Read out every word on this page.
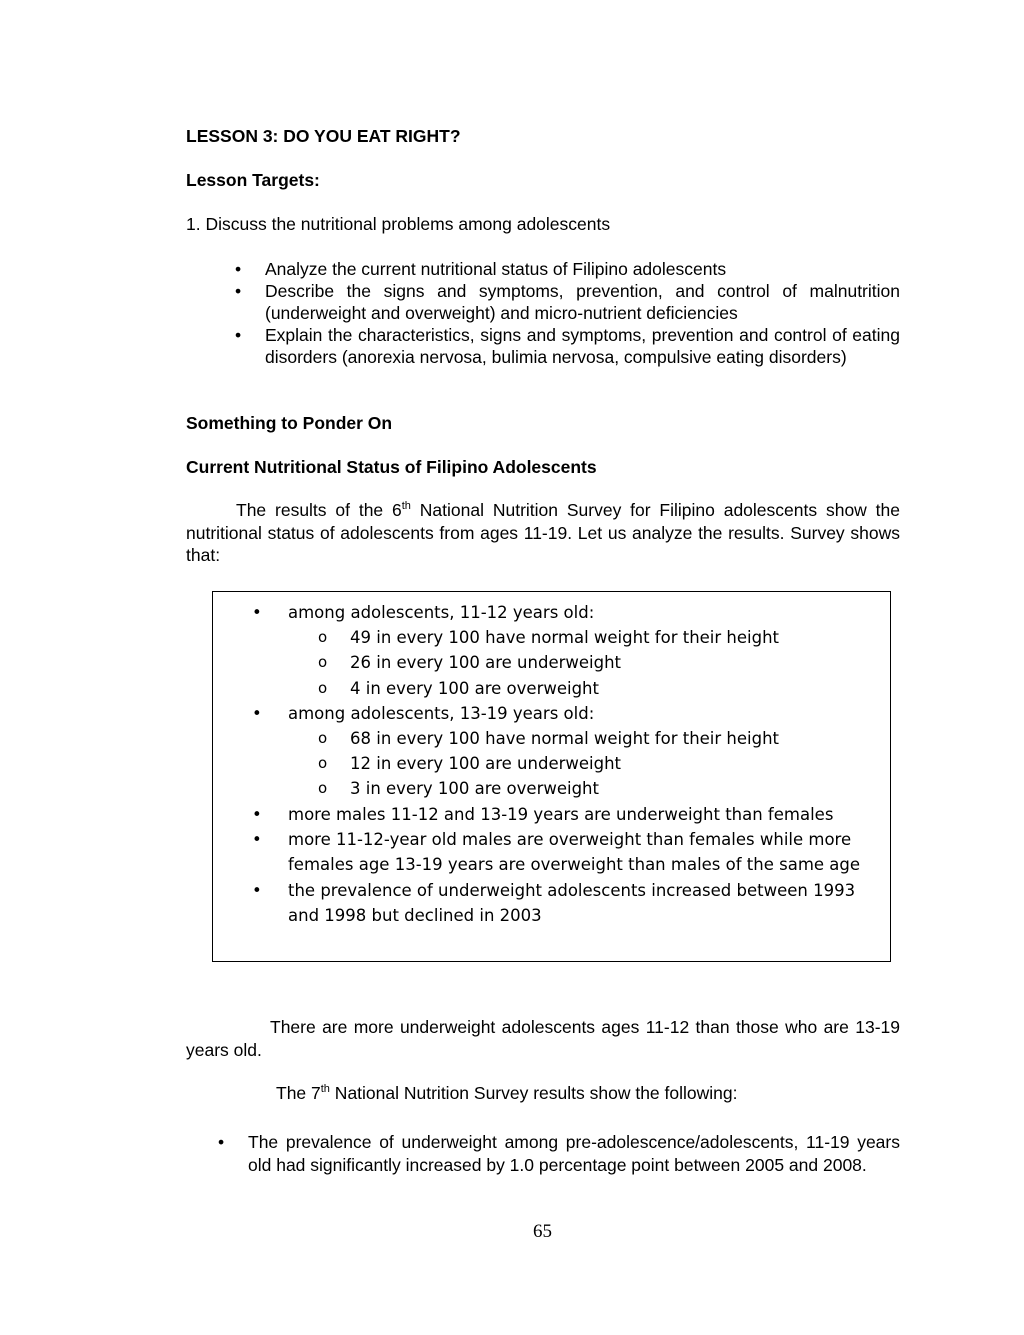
LESSON 3: DO YOU EAT RIGHT?
Lesson Targets:
1. Discuss the nutritional problems among adolescents
• Analyze the current nutritional status of Filipino adolescents
• Describe the signs and symptoms, prevention, and control of malnutrition (underweight and overweight) and micro-nutrient deficiencies
• Explain the characteristics, signs and symptoms, prevention and control of eating disorders (anorexia nervosa, bulimia nervosa, compulsive eating disorders)
Something to Ponder On
Current Nutritional Status of Filipino Adolescents
The results of the 6th National Nutrition Survey for Filipino adolescents show the nutritional status of adolescents from ages 11-19. Let us analyze the results. Survey shows that:
• among adolescents, 11-12 years old:
o 49 in every 100 have normal weight for their height
o 26 in every 100 are underweight
o 4 in every 100 are overweight
• among adolescents, 13-19 years old:
o 68 in every 100 have normal weight for their height
o 12 in every 100 are underweight
o 3 in every 100 are overweight
• more males 11-12 and 13-19 years are underweight than females
• more 11-12-year old males are overweight than females while more females age 13-19 years are overweight than males of the same age
• the prevalence of underweight adolescents increased between 1993 and 1998 but declined in 2003
There are more underweight adolescents ages 11-12 than those who are 13-19 years old.
The 7th National Nutrition Survey results show the following:
• The prevalence of underweight among pre-adolescence/adolescents, 11-19 years old had significantly increased by 1.0 percentage point between 2005 and 2008.
65
